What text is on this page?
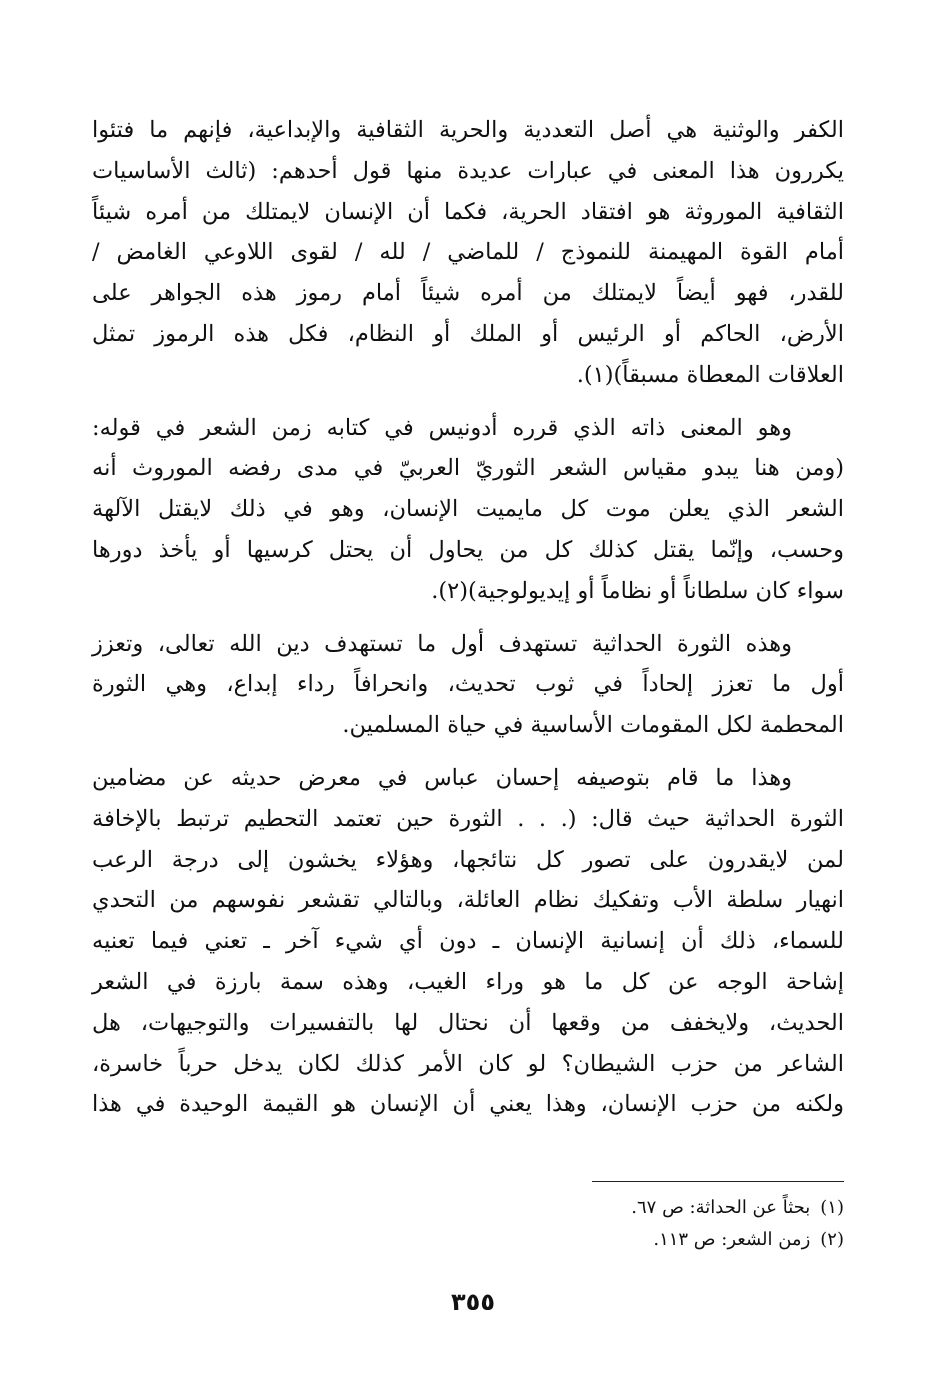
الكفر والوثنية هي أصل التعددية والحرية الثقافية والإبداعية، فإنهم ما فتئوا
يكررون هذا المعنى في عبارات عديدة منها قول أحدهم: (ثالث الأساسيات
الثقافية الموروثة هو افتقاد الحرية، فكما أن الإنسان لايمتلك من أمره شيئاً
أمام القوة المهيمنة للنموذج / للماضي / لله / لقوى اللاوعي الغامض /
للقدر، فهو أيضاً لايمتلك من أمره شيئاً أمام رموز هذه الجواهر على
الأرض، الحاكم أو الرئيس أو الملك أو النظام، فكل هذه الرموز تمثل
العلاقات المعطاة مسبقاً)(١).

وهو المعنى ذاته الذي قرره أدونيس في كتابه زمن الشعر في قوله:
(ومن هنا يبدو مقياس الشعر الثوريّ العربيّ في مدى رفضه الموروث أنه
الشعر الذي يعلن موت كل مايميت الإنسان، وهو في ذلك لايقتل الآلهة
وحسب، وإنّما يقتل كذلك كل من يحاول أن يحتل كرسيها أو يأخذ دورها
سواء كان سلطاناً أو نظاماً أو إيديولوجية)(٢).

وهذه الثورة الحداثية تستهدف أول ما تستهدف دين الله تعالى، وتعزز
أول ما تعزز إلحاداً في ثوب تحديث، وانحرافاً رداء إبداع، وهي الثورة
المحطمة لكل المقومات الأساسية في حياة المسلمين.

وهذا ما قام بتوصيفه إحسان عباس في معرض حديثه عن مضامين
الثورة الحداثية حيث قال: (. . . الثورة حين تعتمد التحطيم ترتبط بالإخافة
لمن لايقدرون على تصور كل نتائجها، وهؤلاء يخشون إلى درجة الرعب
انهيار سلطة الأب وتفكيك نظام العائلة، وبالتالي تقشعر نفوسهم من التحدي
للسماء، ذلك أن إنسانية الإنسان ـ دون أي شيء آخر ـ تعني فيما تعنيه
إشاحة الوجه عن كل ما هو وراء الغيب، وهذه سمة بارزة في الشعر
الحديث، ولايخفف من وقعها أن نحتال لها بالتفسيرات والتوجيهات، هل
الشاعر من حزب الشيطان؟ لو كان الأمر كذلك لكان يدخل حرباً خاسرة،
ولكنه من حزب الإنسان، وهذا يعني أن الإنسان هو القيمة الوحيدة في هذا

(١)بحثاً عن الحداثة: ص ٦٧.
(٢)زمن الشعر: ص ١١٣.
٣٥٥
